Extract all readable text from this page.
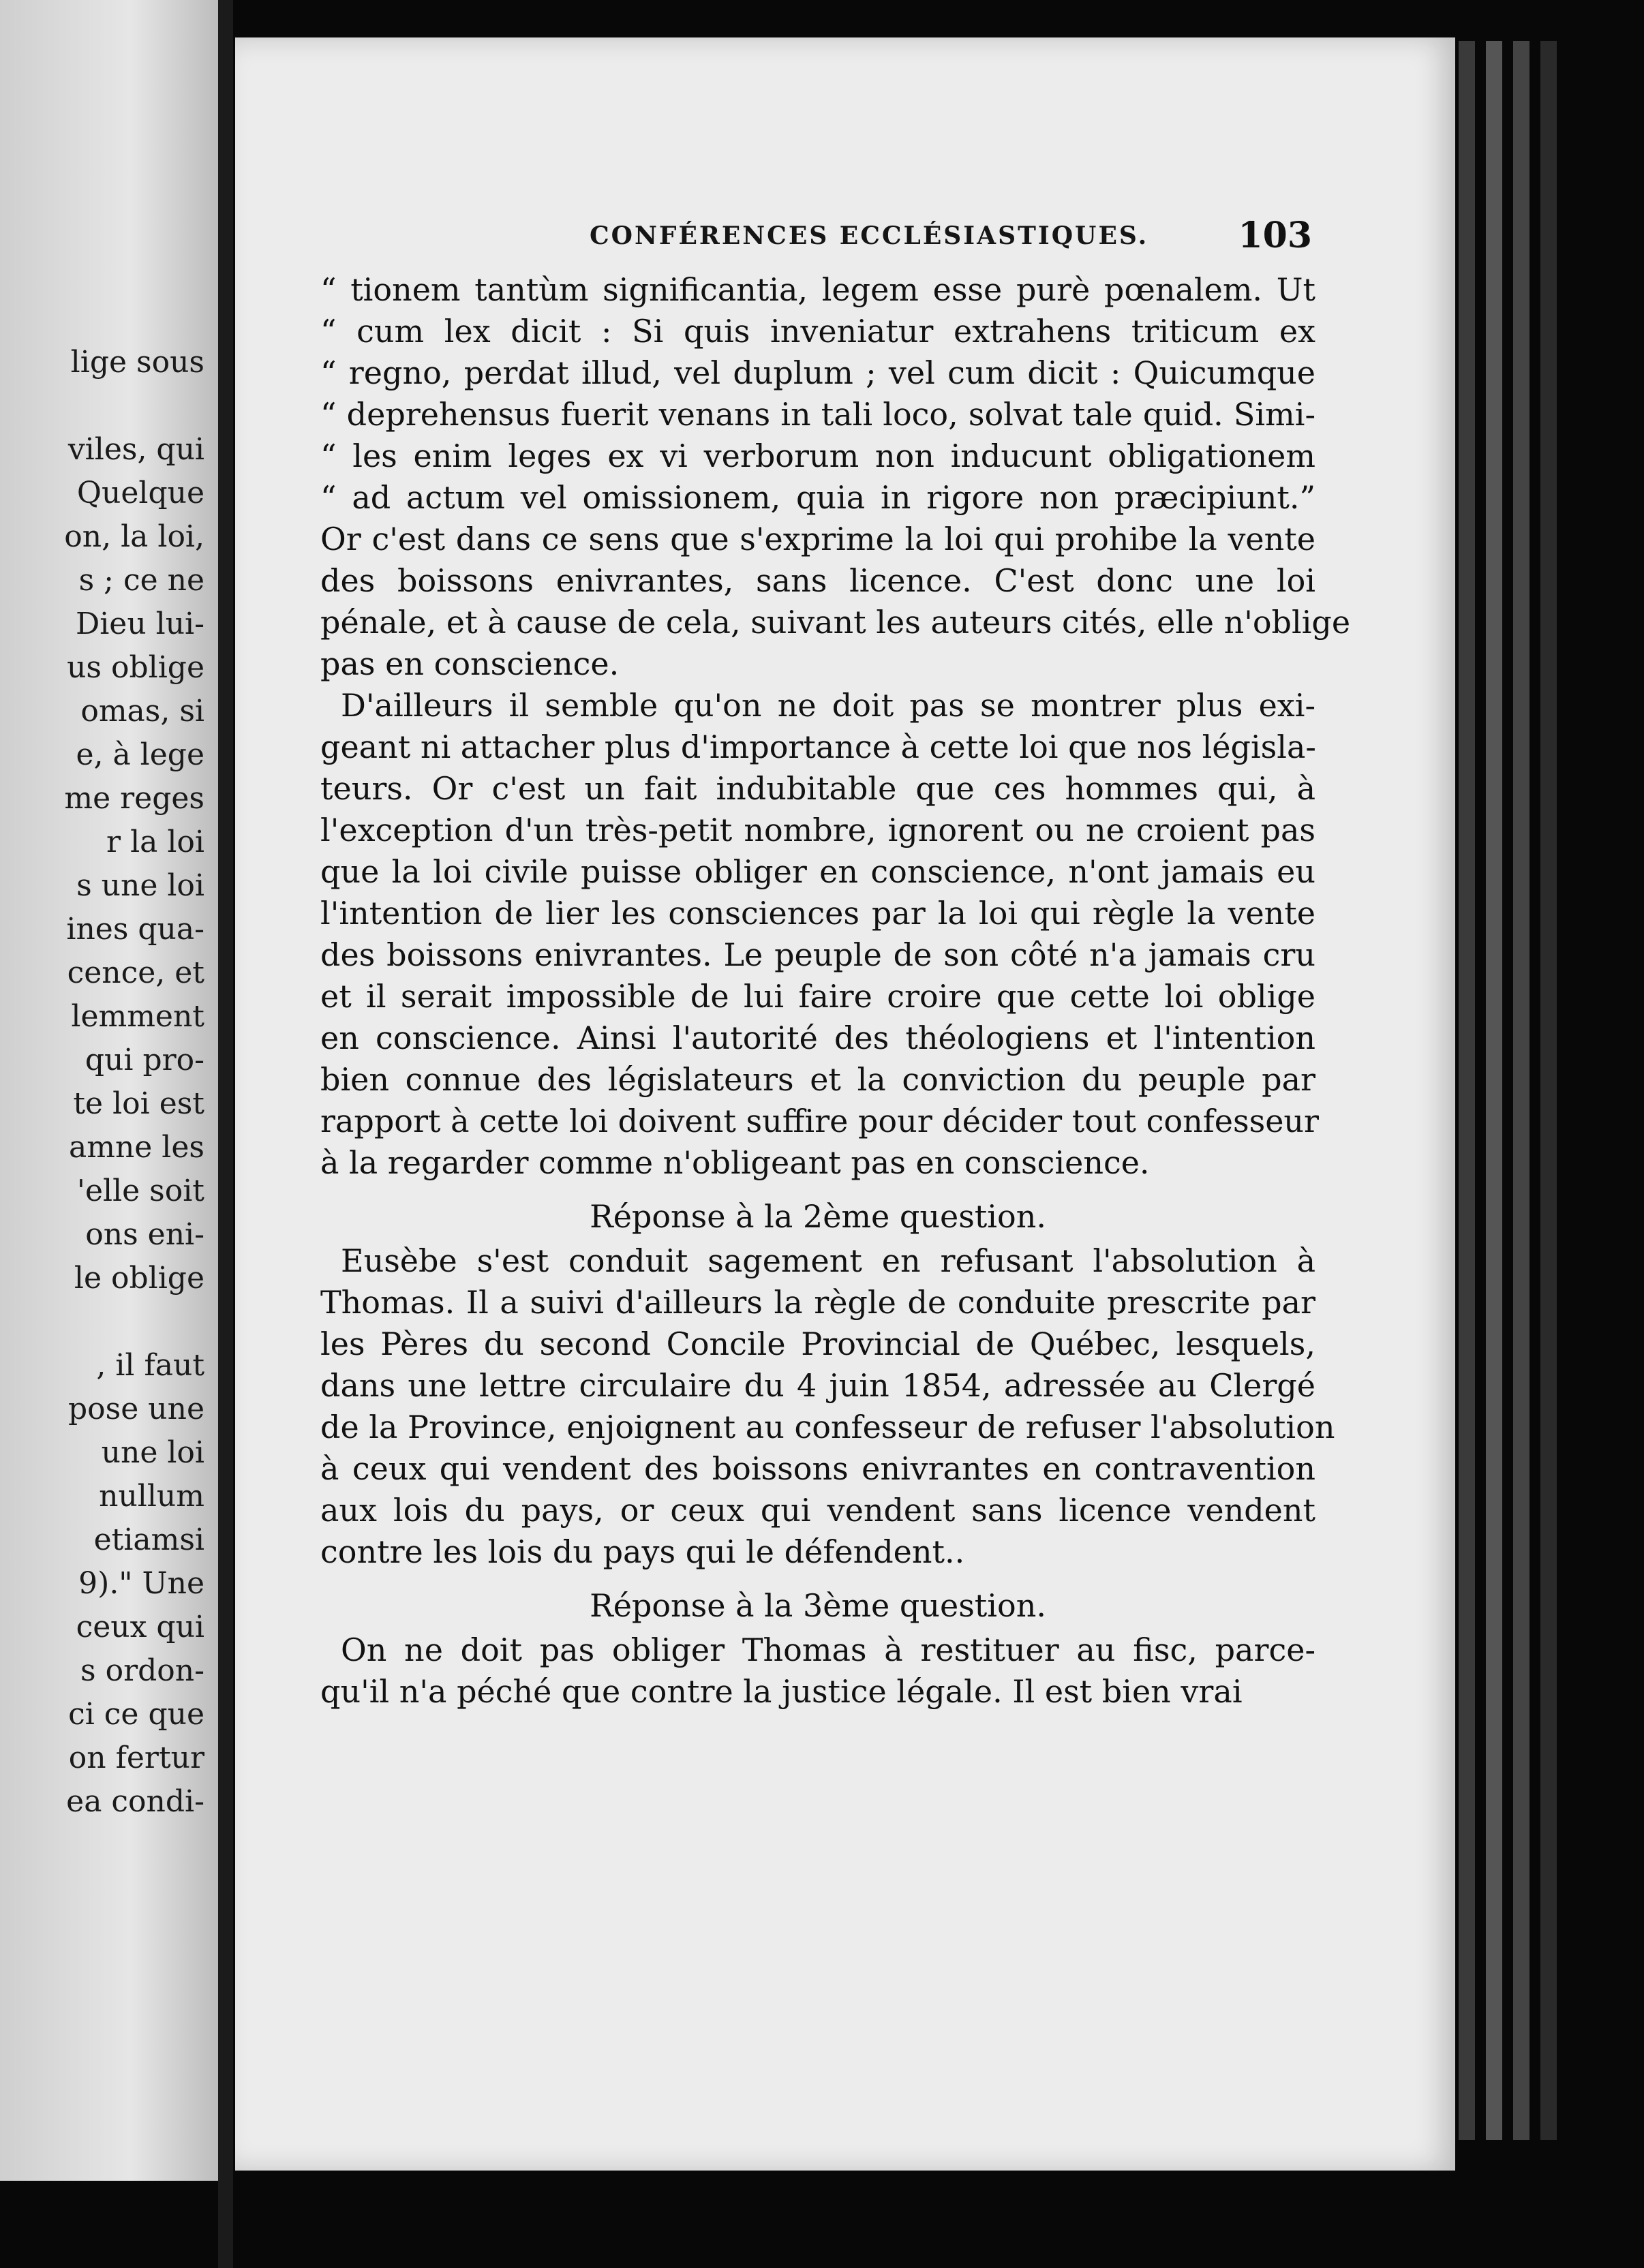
lige sous

viles, qui
Quelque
on, la loi,
s ; ce ne
Dieu lui-
us oblige
omas, si
e, à lege
me reges
r la loi
s une loi
ines qua-
cence, et
lemment
qui pro-
te loi est
amne les
'elle soit
ons eni-
le oblige

, il faut
pose une
une loi
nullum
etiamsi
9)." Une
ceux qui
s ordon-
ci ce que
on fertur
ea condi-
CONFÉRENCES ECCLÉSIASTIQUES.	103
“ tionem tantùm significantia, legem esse purè pœnalem. Ut
“ cum lex dicit : Si quis inveniatur extrahens triticum ex
“ regno, perdat illud, vel duplum ; vel cum dicit : Quicumque
“ deprehensus fuerit venans in tali loco, solvat tale quid. Simi-
“ les enim leges ex vi verborum non inducunt obligationem
“ ad actum vel omissionem, quia in rigore non præcipiunt.”
Or c'est dans ce sens que s'exprime la loi qui prohibe la vente
des boissons enivrantes, sans licence. C'est donc une loi
pénale, et à cause de cela, suivant les auteurs cités, elle n'oblige
pas en conscience.
D'ailleurs il semble qu'on ne doit pas se montrer plus exi-
geant ni attacher plus d'importance à cette loi que nos législa-
teurs. Or c'est un fait indubitable que ces hommes qui, à
l'exception d'un très-petit nombre, ignorent ou ne croient pas
que la loi civile puisse obliger en conscience, n'ont jamais eu
l'intention de lier les consciences par la loi qui règle la vente
des boissons enivrantes. Le peuple de son côté n'a jamais cru
et il serait impossible de lui faire croire que cette loi oblige
en conscience. Ainsi l'autorité des théologiens et l'intention
bien connue des législateurs et la conviction du peuple par
rapport à cette loi doivent suffire pour décider tout confesseur
à la regarder comme n'obligeant pas en conscience.
Réponse à la 2ème question.
Eusèbe s'est conduit sagement en refusant l'absolution à
Thomas. Il a suivi d'ailleurs la règle de conduite prescrite par
les Pères du second Concile Provincial de Québec, lesquels,
dans une lettre circulaire du 4 juin 1854, adressée au Clergé
de la Province, enjoignent au confesseur de refuser l'absolution
à ceux qui vendent des boissons enivrantes en contravention
aux lois du pays, or ceux qui vendent sans licence vendent
contre les lois du pays qui le défendent..
Réponse à la 3ème question.
On ne doit pas obliger Thomas à restituer au fisc, parce-
qu'il n'a péché que contre la justice légale. Il est bien vrai
